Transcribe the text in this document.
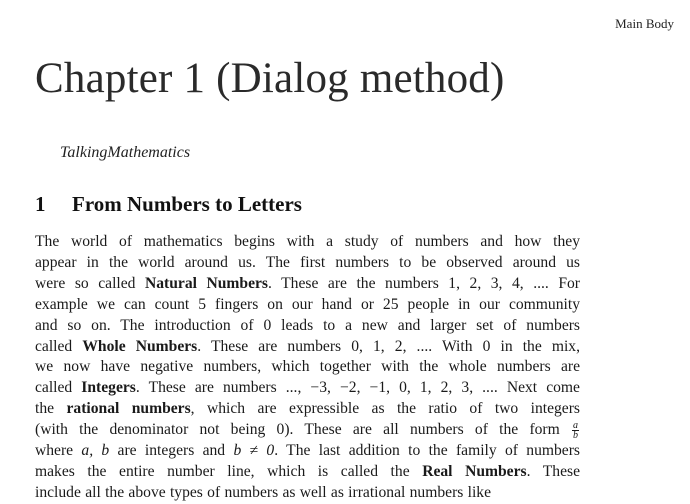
Main Body
Chapter 1 (Dialog method)
TalkingMathematics
1 From Numbers to Letters
The world of mathematics begins with a study of numbers and how they
appear in the world around us. The first numbers to be observed around us
were so called Natural Numbers. These are the numbers 1, 2, 3, 4, .... For
example we can count 5 fingers on our hand or 25 people in our community
and so on. The introduction of 0 leads to a new and larger set of numbers
called Whole Numbers. These are numbers 0, 1, 2, .... With 0 in the mix,
we now have negative numbers, which together with the whole numbers are
called Integers. These are numbers ..., −3, −2, −1, 0, 1, 2, 3, .... Next come
the rational numbers, which are expressible as the ratio of two integers
(with the denominator not being 0). These are all numbers of the form $\frac{a}{b}$
where a, b are integers and b ≠ 0. The last addition to the family of numbers
makes the entire number line, which is called the Real Numbers. These
include all the above types of numbers as well as irrational numbers like
